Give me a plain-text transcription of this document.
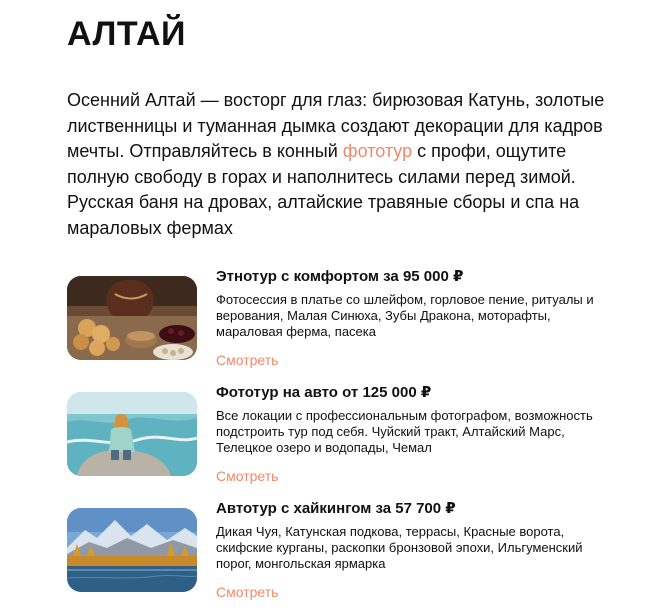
АЛТАЙ

Осенний Алтай — восторг для глаз: бирюзовая Катунь, золотые лиственницы и туманная дымка создают декорации для кадров мечты. Отправляйтесь в конный фототур с профи, ощутите полную свободу в горах и наполнитесь силами перед зимой. Русская баня на дровах, алтайские травяные сборы и спа на мараловых фермах

Этнотур с комфортом за 95 000 ₽

Фотосессия в платье со шлейфом, горловое пение, ритуалы и верования, Малая Синюха, Зубы Дракона, моторафты, мараловая ферма, пасека

Смотреть
Фототур на авто от 125 000 ₽

Все локации с профессиональным фотографом, возможность подстроить тур под себя. Чуйский тракт, Алтайский Марс, Телецкое озеро и водопады, Чемал

Смотреть
Автотур с хайкингом за 57 700 ₽

Дикая Чуя, Катунская подкова, террасы, Красные ворота, скифские курганы, раскопки бронзовой эпохи, Ильгуменский порог, монгольская ярмарка

Смотреть
